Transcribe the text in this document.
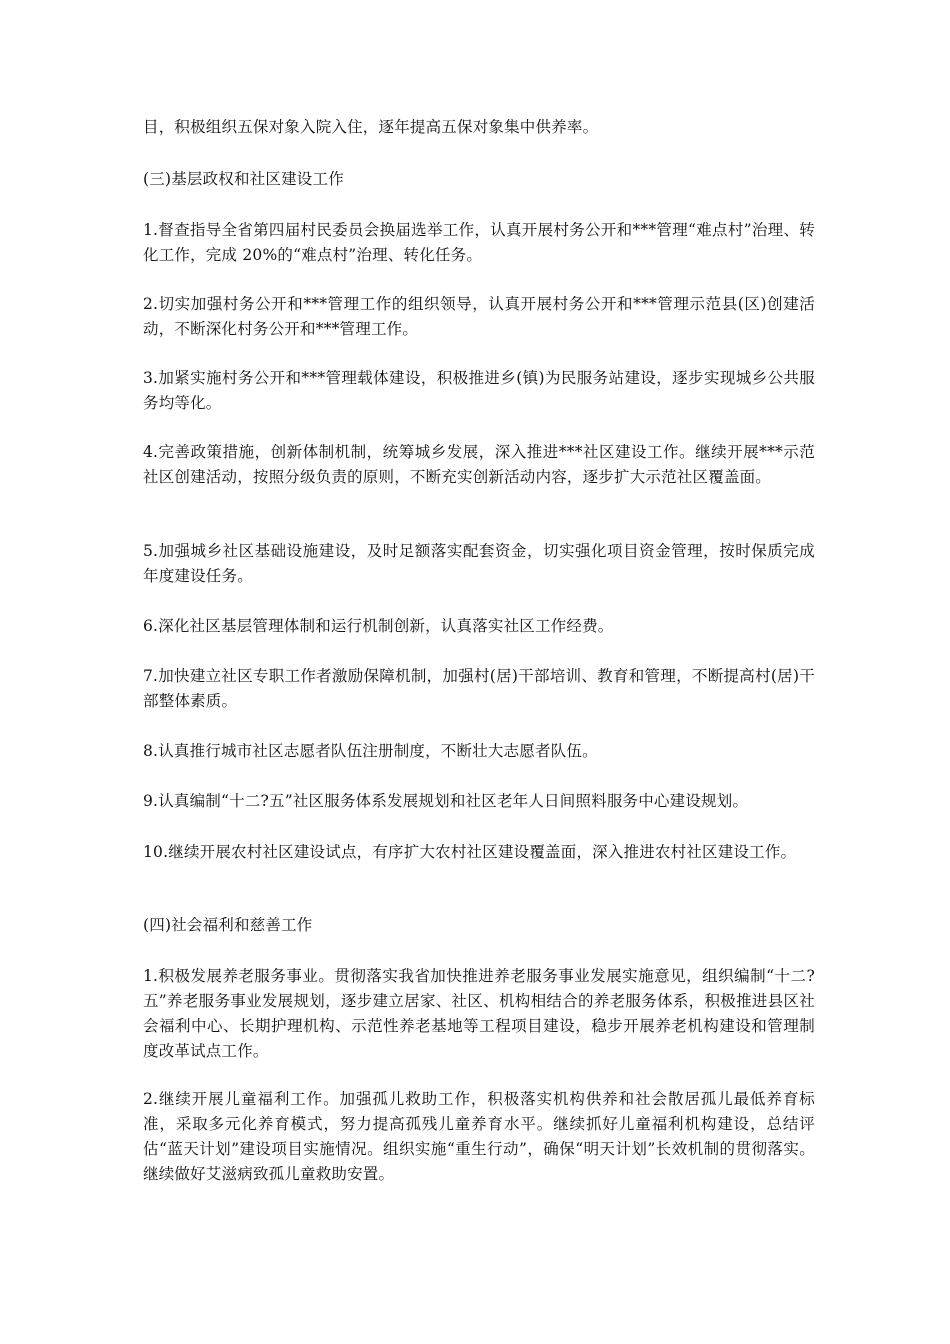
目，积极组织五保对象入院入住，逐年提高五保对象集中供养率。

(三)基层政权和社区建设工作

1.督查指导全省第四届村民委员会换届选举工作，认真开展村务公开和***管理“难点村”治理、转化工作，完成 20%的“难点村”治理、转化任务。

2.切实加强村务公开和***管理工作的组织领导，认真开展村务公开和***管理示范县(区)创建活动，不断深化村务公开和***管理工作。

3.加紧实施村务公开和***管理载体建设，积极推进乡(镇)为民服务站建设，逐步实现城乡公共服务均等化。

4.完善政策措施，创新体制机制，统筹城乡发展，深入推进***社区建设工作。继续开展***示范社区创建活动，按照分级负责的原则，不断充实创新活动内容，逐步扩大示范社区覆盖面。

5.加强城乡社区基础设施建设，及时足额落实配套资金，切实强化项目资金管理，按时保质完成年度建设任务。

6.深化社区基层管理体制和运行机制创新，认真落实社区工作经费。

7.加快建立社区专职工作者激励保障机制，加强村(居)干部培训、教育和管理，不断提高村(居)干部整体素质。

8.认真推行城市社区志愿者队伍注册制度，不断壮大志愿者队伍。

9.认真编制“十二?五”社区服务体系发展规划和社区老年人日间照料服务中心建设规划。

10.继续开展农村社区建设试点，有序扩大农村社区建设覆盖面，深入推进农村社区建设工作。

(四)社会福利和慈善工作

1.积极发展养老服务事业。贯彻落实我省加快推进养老服务事业发展实施意见，组织编制“十二?五”养老服务事业发展规划，逐步建立居家、社区、机构相结合的养老服务体系，积极推进县区社会福利中心、长期护理机构、示范性养老基地等工程项目建设，稳步开展养老机构建设和管理制度改革试点工作。

2.继续开展儿童福利工作。加强孤儿救助工作，积极落实机构供养和社会散居孤儿最低养育标准，采取多元化养育模式，努力提高孤残儿童养育水平。继续抓好儿童福利机构建设，总结评估“蓝天计划”建设项目实施情况。组织实施“重生行动”，确保“明天计划”长效机制的贯彻落实。继续做好艾滋病致孤儿童救助安置。
